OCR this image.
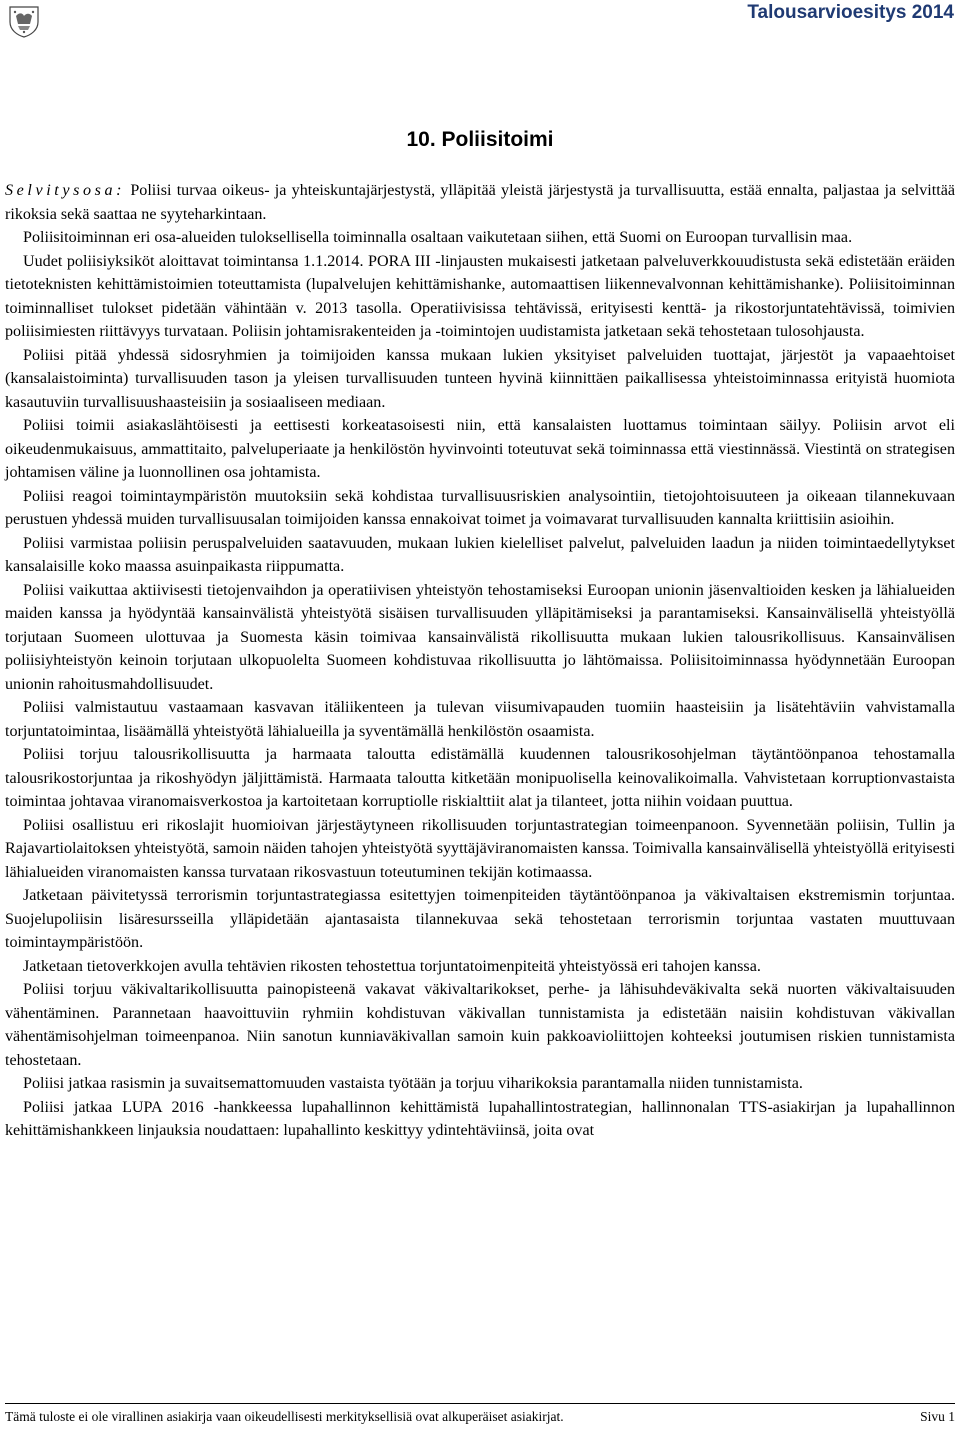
Talousarvioesitys 2014
10. Poliisitoimi

Selvitysosa: Poliisi turvaa oikeus- ja yhteiskuntajärjestystä, ylläpitää yleistä järjestystä ja turvallisuutta, estää ennalta, paljastaa ja selvittää rikoksia sekä saattaa ne syyteharkintaan.

Poliisitoiminnan eri osa-alueiden tuloksellisella toiminnalla osaltaan vaikutetaan siihen, että Suomi on Euroopan turvallisin maa.

Uudet poliisiyksiköt aloittavat toimintansa 1.1.2014. PORA III -linjausten mukaisesti jatketaan palveluverkkouudistusta sekä edistetään eräiden tietoteknisten kehittämistoimien toteuttamista (lupalvelujen kehittämishanke, automaattisen liikennevalvonnan kehittämishanke). Poliisitoiminnan toiminnalliset tulokset pidetään vähintään v. 2013 tasolla. Operatiivisissa tehtävissä, erityisesti kenttä- ja rikostorjuntatehtävissä, toimivien poliisimiesten riittävyys turvataan. Poliisin johtamisrakenteiden ja -toimintojen uudistamista jatketaan sekä tehostetaan tulosohjausta.

Poliisi pitää yhdessä sidosryhmien ja toimijoiden kanssa mukaan lukien yksityiset palveluiden tuottajat, järjestöt ja vapaaehtoiset (kansalaistoiminta) turvallisuuden tason ja yleisen turvallisuuden tunteen hyvinä kiinnittäen paikallisessa yhteistoiminnassa erityistä huomiota kasautuviin turvallisuushaasteisiin ja sosiaaliseen mediaan.

Poliisi toimii asiakaslähtöisesti ja eettisesti korkeatasoisesti niin, että kansalaisten luottamus toimintaan säilyy. Poliisin arvot eli oikeudenmukaisuus, ammattitaito, palveluperiaate ja henkilöstön hyvinvointi toteutuvat sekä toiminnassa että viestinnässä. Viestintä on strategisen johtamisen väline ja luonnollinen osa johtamista.

Poliisi reagoi toimintaympäristön muutoksiin sekä kohdistaa turvallisuusriskien analysointiin, tietojohtoisuuteen ja oikeaan tilannekuvaan perustuen yhdessä muiden turvallisuusalan toimijoiden kanssa ennakoivat toimet ja voimavarat turvallisuuden kannalta kriittisiin asioihin.

Poliisi varmistaa poliisin peruspalveluiden saatavuuden, mukaan lukien kielelliset palvelut, palveluiden laadun ja niiden toimintaedellytykset kansalaisille koko maassa asuinpaikasta riippumatta.

Poliisi vaikuttaa aktiivisesti tietojenvaihdon ja operatiivisen yhteistyön tehostamiseksi Euroopan unionin jäsenvaltioiden kesken ja lähialueiden maiden kanssa ja hyödyntää kansainvälistä yhteistyötä sisäisen turvallisuuden ylläpitämiseksi ja parantamiseksi. Kansainvälisellä yhteistyöllä torjutaan Suomeen ulottuvaa ja Suomesta käsin toimivaa kansainvälistä rikollisuutta mukaan lukien talousrikollisuus. Kansainvälisen poliisiyhteistyön keinoin torjutaan ulkopuolelta Suomeen kohdistuvaa rikollisuutta jo lähtömaissa. Poliisitoiminnassa hyödynnetään Euroopan unionin rahoitusmahdollisuudet.

Poliisi valmistautuu vastaamaan kasvavan itäliikenteen ja tulevan viisumivapauden tuomiin haasteisiin ja lisätehtäviin vahvistamalla torjuntatoimintaa, lisäämällä yhteistyötä lähialueilla ja syventämällä henkilöstön osaamista.

Poliisi torjuu talousrikollisuutta ja harmaata taloutta edistämällä kuudennen talousrikosohjelman täytäntöönpanoa tehostamalla talousrikostorjuntaa ja rikoshyödyn jäljittämistä. Harmaata taloutta kitketään monipuolisella keinovalikoimalla. Vahvistetaan korruptionvastaista toimintaa johtavaa viranomaisverkostoa ja kartoitetaan korruptiolle riskialttiit alat ja tilanteet, jotta niihin voidaan puuttua.

Poliisi osallistuu eri rikoslajit huomioivan järjestäytyneen rikollisuuden torjuntastrategian toimeenpanoon. Syvennetään poliisin, Tullin ja Rajavartiolaitoksen yhteistyötä, samoin näiden tahojen yhteistyötä syyttäjäviranomaisten kanssa. Toimivalla kansainvälisellä yhteistyöllä erityisesti lähialueiden viranomaisten kanssa turvataan rikosvastuun toteutuminen tekijän kotimaassa.

Jatketaan päivitetyssä terrorismin torjuntastrategiassa esitettyjen toimenpiteiden täytäntöönpanoa ja väkivaltaisen ekstremismin torjuntaa. Suojelupoliisin lisäresursseilla ylläpidetään ajantasaista tilannekuvaa sekä tehostetaan terrorismin torjuntaa vastaten muuttuvaan toimintaympäristöön.

Jatketaan tietoverkkojen avulla tehtävien rikosten tehostettua torjuntatoimenpiteitä yhteistyössä eri tahojen kanssa.

Poliisi torjuu väkivaltarikollisuutta painopisteenä vakavat väkivaltarikokset, perhe- ja lähisuhdeväkivalta sekä nuorten väkivaltaisuuden vähentäminen. Parannetaan haavoittuviin ryhmiin kohdistuvan väkivallan tunnistamista ja edistetään naisiin kohdistuvan väkivallan vähentämisohjelman toimeenpanoa. Niin sanotun kunniaväkivallan samoin kuin pakkoavioliittojen kohteeksi joutumisen riskien tunnistamista tehostetaan.

Poliisi jatkaa rasismin ja suvaitsemattomuuden vastaista työtään ja torjuu viharikoksia parantamalla niiden tunnistamista.

Poliisi jatkaa LUPA 2016 -hankkeessa lupahallinnon kehittämistä lupahallintostrategian, hallinnonalan TTS-asiakirjan ja lupahallinnon kehittämishankkeen linjauksia noudattaen: lupahallinto keskittyy ydintehtäviinsä, joita ovat

Tämä tuloste ei ole virallinen asiakirja vaan oikeudellisesti merkityksellisiä ovat alkuperäiset asiakirjat.	Sivu 1
